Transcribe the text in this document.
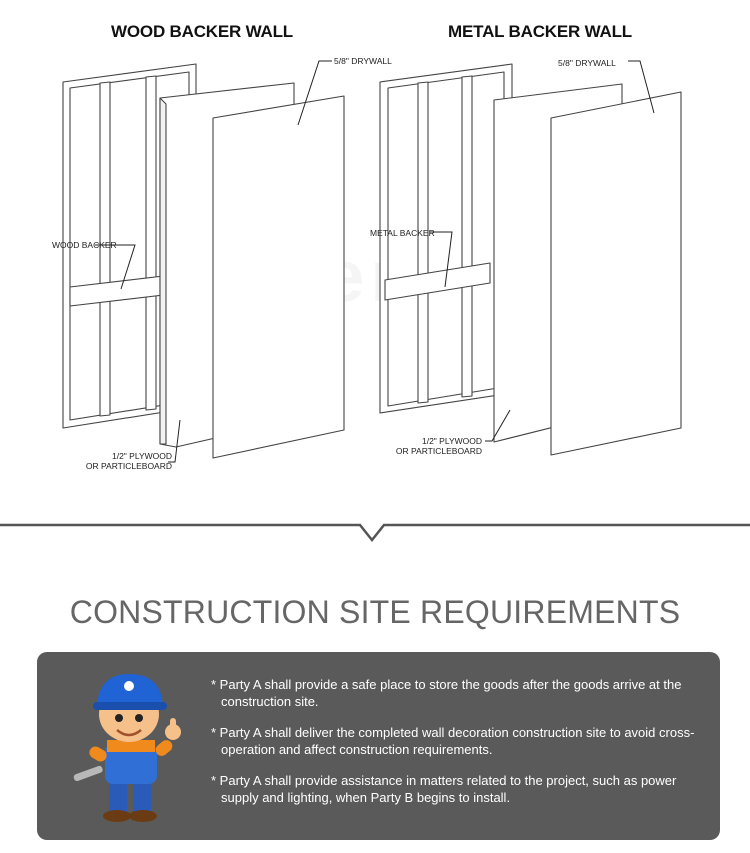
Pinger 品格
WOOD BACKER WALL	METAL BACKER WALL
5/8" DRYWALL
WOOD BACKER
1/2" PLYWOOD
OR PARTICLEBOARD
5/8" DRYWALL
METAL BACKER
1/2" PLYWOOD
OR PARTICLEBOARD
CONSTRUCTION SITE REQUIREMENTS
* Party A shall provide a safe place to store the goods after the goods arrive at the construction site.
* Party A shall deliver the completed wall decoration construction site to avoid cross-operation and affect construction requirements.
* Party A shall provide assistance in matters related to the project, such as power supply and lighting, when Party B begins to install.
